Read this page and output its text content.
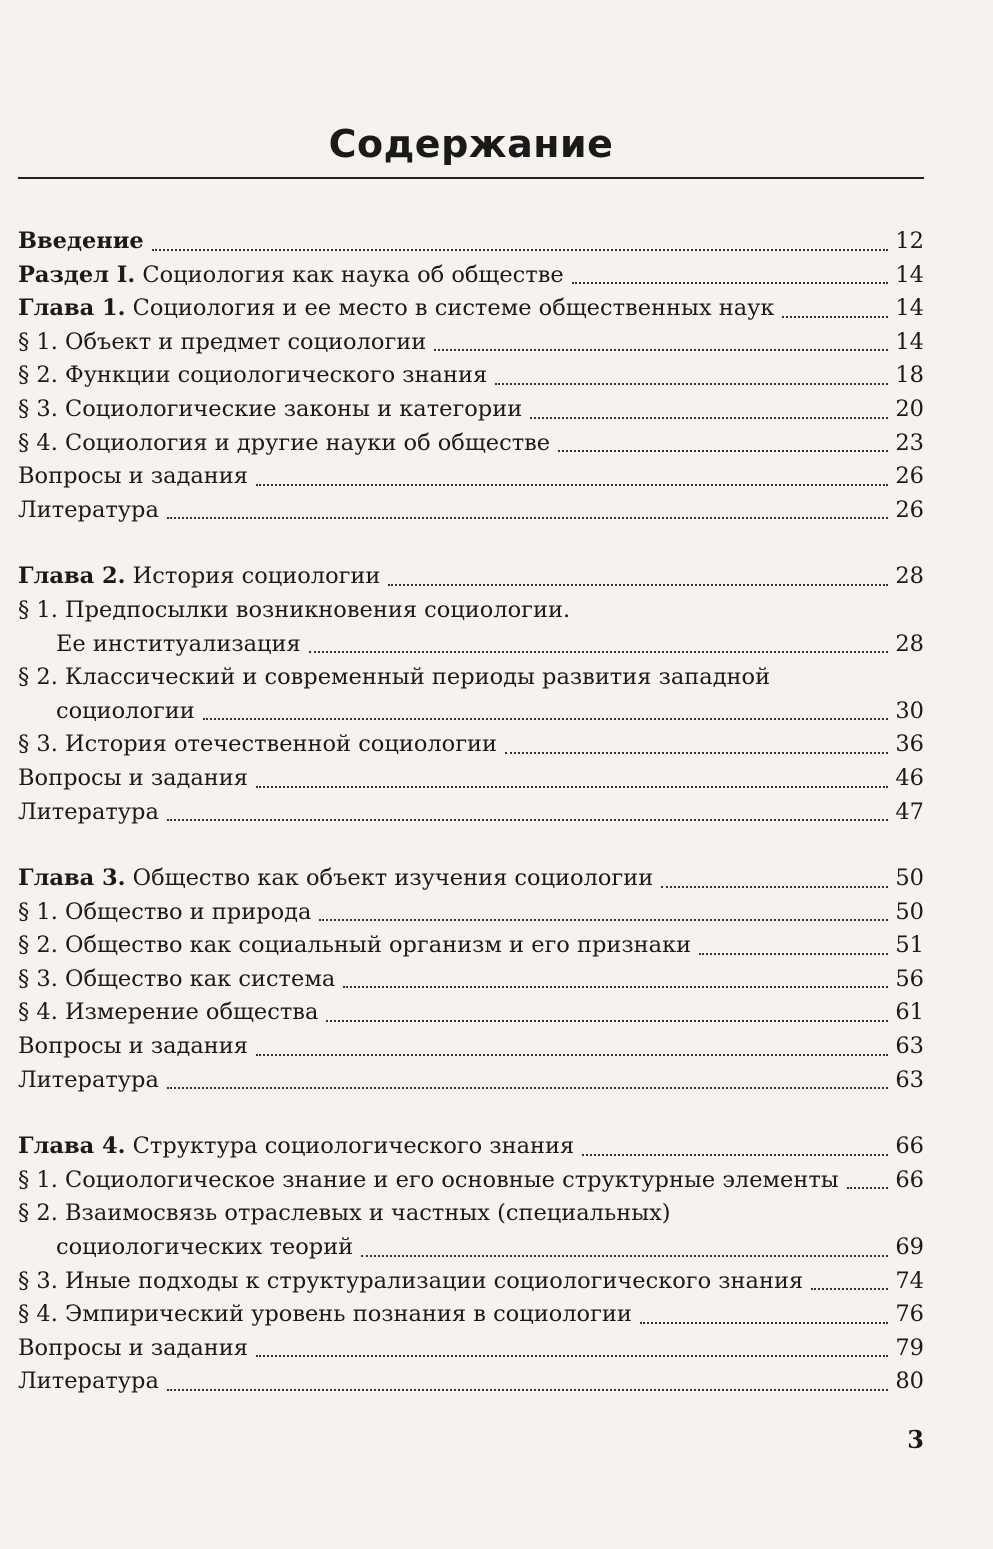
Содержание
Введение	12
Раздел I. Социология как наука об обществе	14
Глава 1. Социология и ее место в системе общественных наук	14
§ 1. Объект и предмет социологии	14
§ 2. Функции социологического знания	18
§ 3. Социологические законы и категории	20
§ 4. Социология и другие науки об обществе	23
Вопросы и задания	26
Литература	26
Глава 2. История социологии	28
§ 1. Предпосылки возникновения социологии.
Ее институализация	28
§ 2. Классический и современный периоды развития западной
социологии	30
§ 3. История отечественной социологии	36
Вопросы и задания	46
Литература	47
Глава 3. Общество как объект изучения социологии	50
§ 1. Общество и природа	50
§ 2. Общество как социальный организм и его признаки	51
§ 3. Общество как система	56
§ 4. Измерение общества	61
Вопросы и задания	63
Литература	63
Глава 4. Структура социологического знания	66
§ 1. Социологическое знание и его основные структурные элементы	66
§ 2. Взаимосвязь отраслевых и частных (специальных)
социологических теорий	69
§ 3. Иные подходы к структурализации социологического знания	74
§ 4. Эмпирический уровень познания в социологии	76
Вопросы и задания	79
Литература	80
3
